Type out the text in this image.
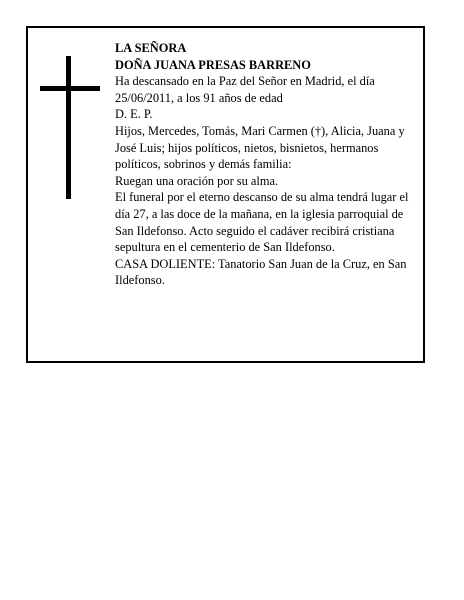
LA SEÑORA

DOÑA JUANA PRESAS BARRENO

Ha descansado en la Paz del Señor en Madrid, el día 25/06/2011, a los 91 años de edad

D. E. P.

Hijos, Mercedes, Tomás, Mari Carmen (†), Alicia, Juana y José Luis; hijos políticos, nietos, bisnietos, hermanos políticos, sobrinos y demás familia:

Ruegan una oración por su alma.

El funeral por el eterno descanso de su alma tendrá lugar el día 27, a las doce de la mañana, en la iglesia parroquial de San Ildefonso. Acto seguido el cadáver recibirá cristiana sepultura en el cementerio de San Ildefonso.

CASA DOLIENTE: Tanatorio San Juan de la Cruz, en San Ildefonso.
